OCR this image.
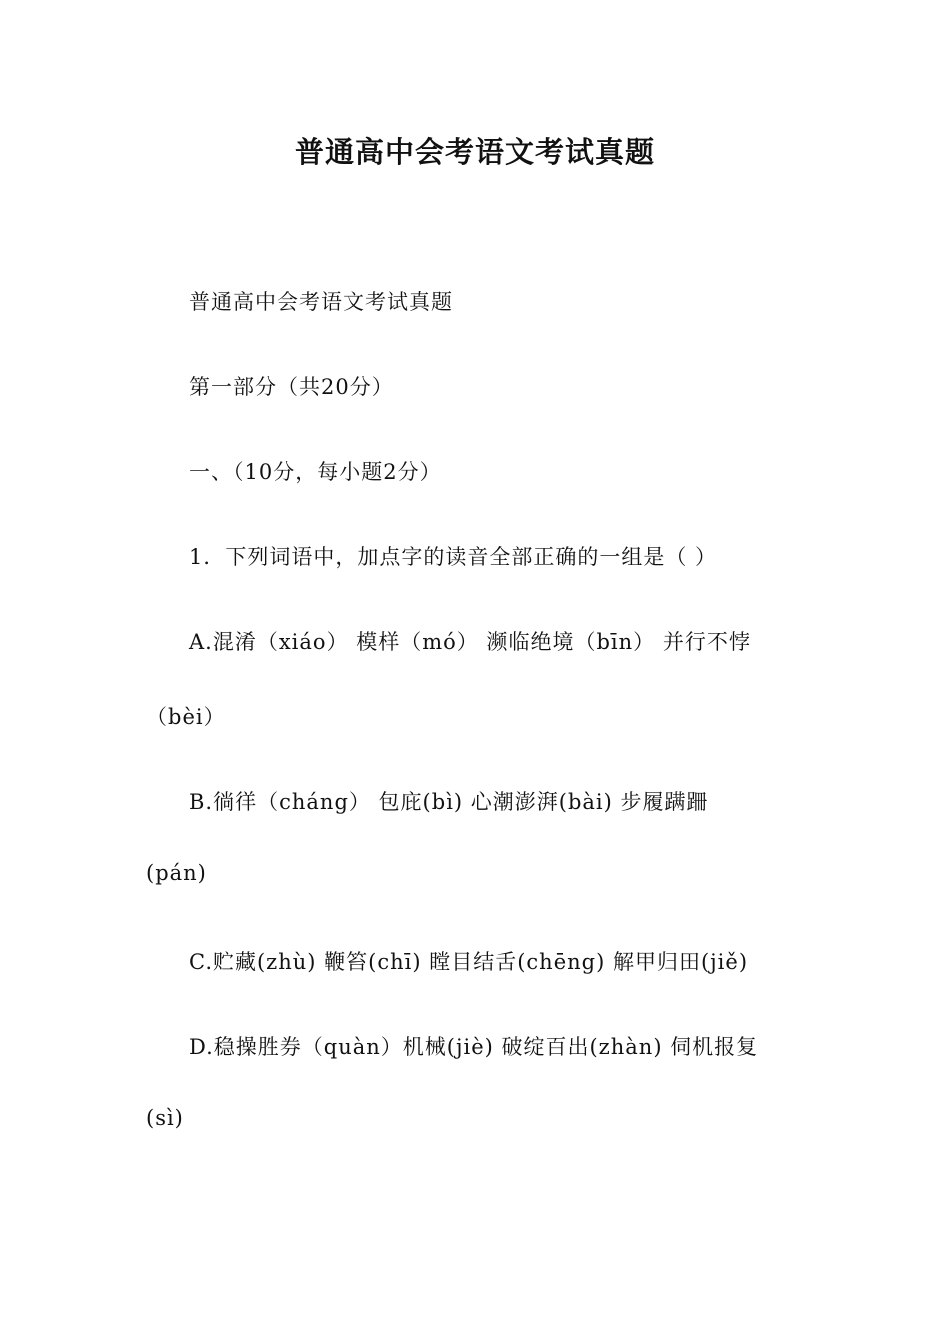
普通高中会考语文考试真题
普通高中会考语文考试真题
第一部分（共20分）
一、（10分，每小题2分）
1．下列词语中，加点字的读音全部正确的一组是（ ）
A.混淆（xiáo） 模样（mó） 濒临绝境（bīn） 并行不悖
（bèi）
B.徜徉（cháng） 包庇(bì) 心潮澎湃(bài) 步履蹒跚
(pán)
C.贮藏(zhù) 鞭笞(chī) 瞠目结舌(chēng) 解甲归田(jiě)
D.稳操胜券（quàn）机械(jiè) 破绽百出(zhàn) 伺机报复
(sì)
